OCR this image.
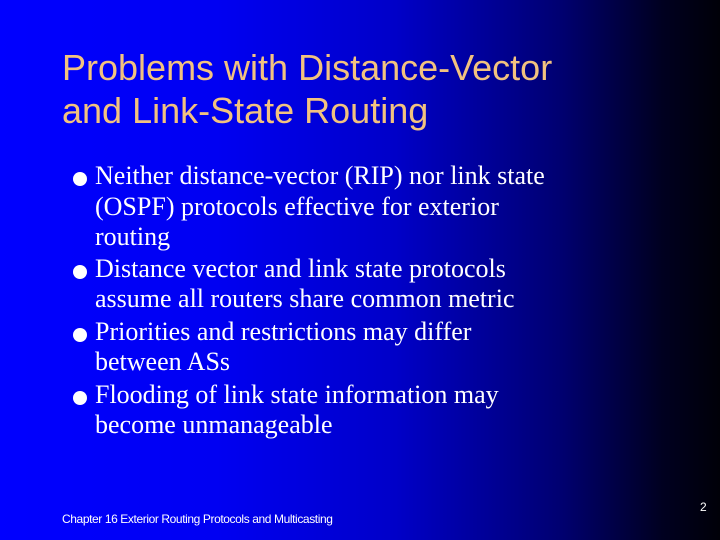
Problems with Distance-Vector
and Link-State Routing
Neither distance-vector (RIP) nor link state
(OSPF) protocols effective for exterior
routing
Distance vector and link state protocols
assume all routers share common metric
Priorities and restrictions may differ
between ASs
Flooding of link state information may
become unmanageable
Chapter 16 Exterior Routing Protocols and Multicasting
2
